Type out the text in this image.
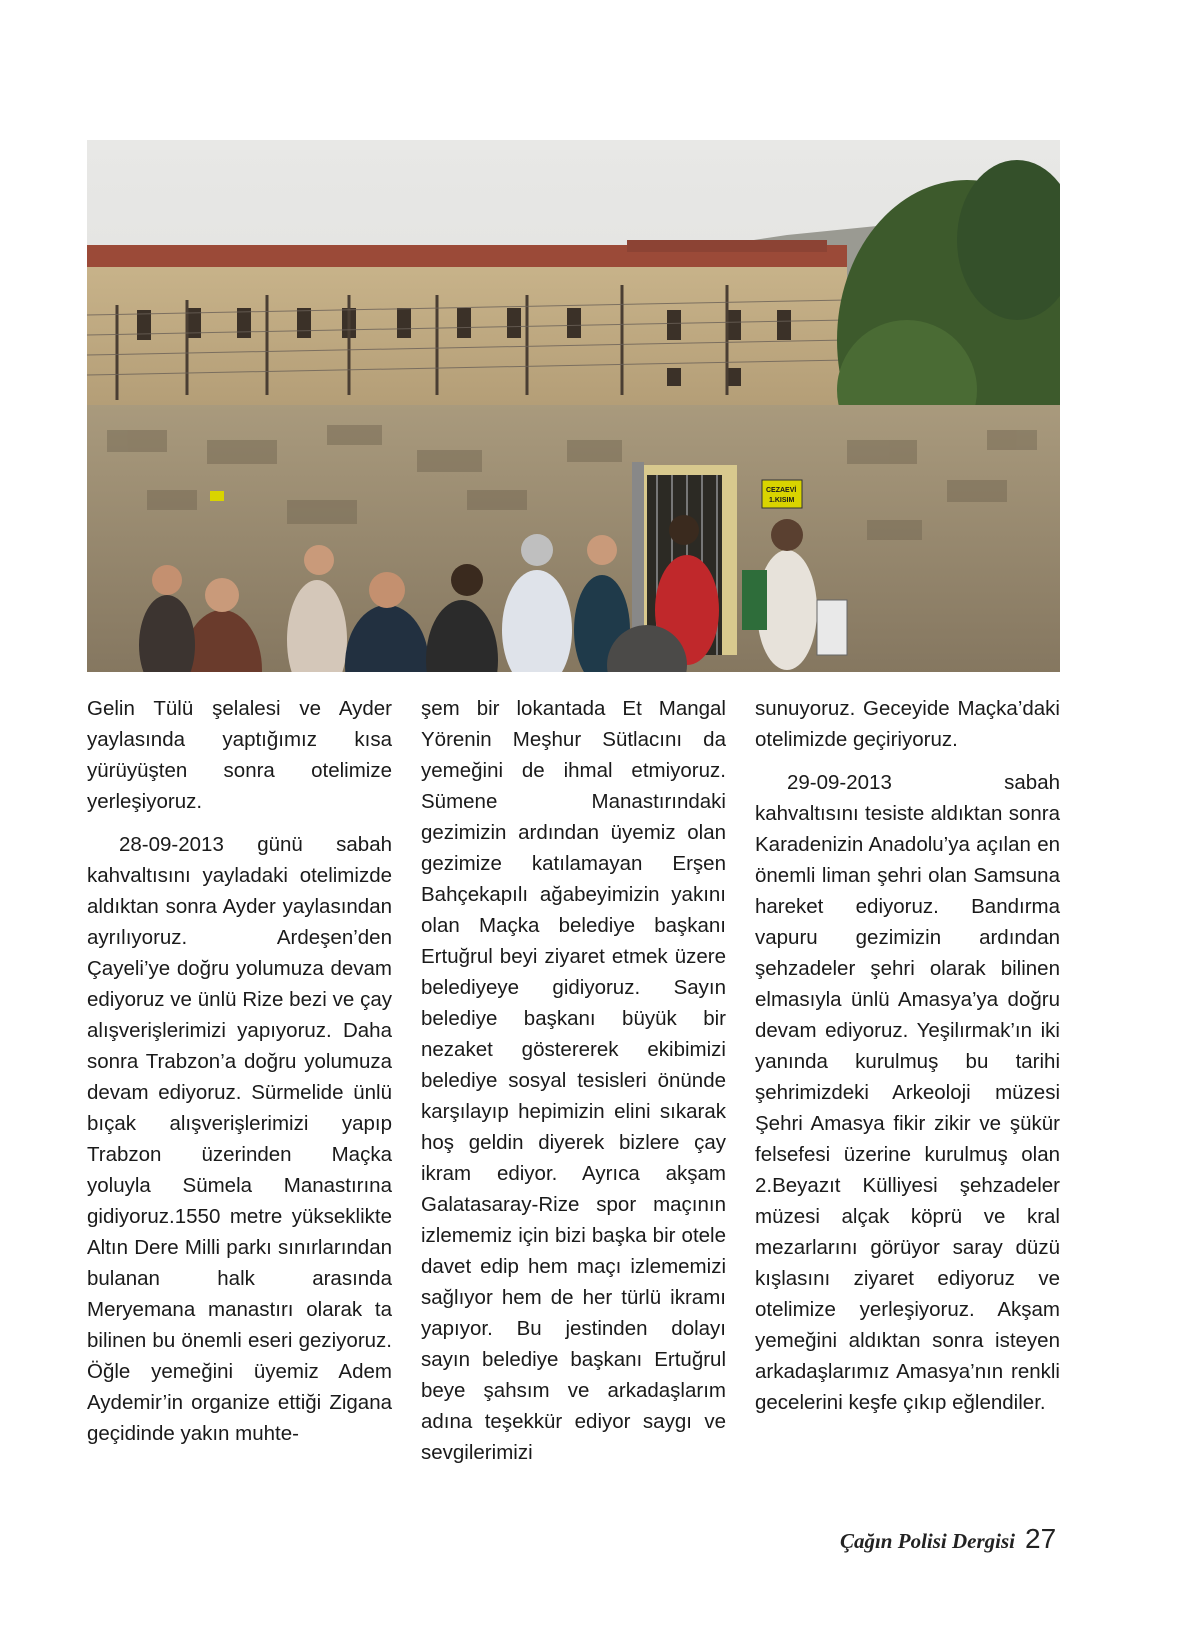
CEZAEVİ
1.KISIM

Gelin Tülü şelalesi ve Ayder yaylasında yaptığımız kısa yürüyüşten sonra otelimize yerleşiyoruz.

28-09-2013 günü sabah kahvaltısını yayladaki otelimizde aldıktan sonra Ayder yaylasından ayrılıyoruz. Ardeşen’den Çayeli’ye doğru yolumuza devam ediyoruz ve ünlü Rize bezi ve çay alışverişlerimizi yapıyoruz. Daha sonra Trabzon’a doğru yolumuza devam ediyoruz. Sürmelide ünlü bıçak alışverişlerimizi yapıp Trabzon üzerinden Maçka yoluyla Sümela Manastırına gidiyoruz.1550 metre yükseklikte Altın Dere Milli parkı sınırlarından bulanan halk arasında Meryemana manastırı olarak ta bilinen bu önemli eseri geziyoruz. Öğle yemeğini üyemiz Adem Aydemir’in organize ettiği Zigana geçidinde yakın muhte-

şem bir lokantada Et Mangal Yörenin Meşhur Sütlacını da yemeğini de ihmal etmiyoruz. Sümene Manastırındaki gezimizin ardından üyemiz olan gezimize katılamayan Erşen Bahçekapılı ağabeyimizin yakını olan Maçka belediye başkanı Ertuğrul beyi ziyaret etmek üzere belediyeye gidiyoruz. Sayın belediye başkanı büyük bir nezaket göstererek ekibimizi belediye sosyal tesisleri önünde karşılayıp hepimizin elini sıkarak hoş geldin diyerek bizlere çay ikram ediyor. Ayrıca akşam Galatasaray-Rize spor maçının izlememiz için bizi başka bir otele davet edip hem maçı izlememizi sağlıyor hem de her türlü ikramı yapıyor. Bu jestinden dolayı sayın belediye başkanı Ertuğrul beye şahsım ve arkadaşlarım adına teşekkür ediyor saygı ve sevgilerimizi

sunuyoruz. Geceyide Maçka’daki otelimizde geçiriyoruz.

29-09-2013 sabah kahvaltısını tesiste aldıktan sonra Karadenizin Anadolu’ya açılan en önemli liman şehri olan Samsuna hareket ediyoruz. Bandırma vapuru gezimizin ardından şehzadeler şehri olarak bilinen elmasıyla ünlü Amasya’ya doğru devam ediyoruz. Yeşilırmak’ın iki yanında kurulmuş bu tarihi şehrimizdeki Arkeoloji müzesi Şehri Amasya fikir zikir ve şükür felsefesi üzerine kurulmuş olan 2.Beyazıt Külliyesi şehzadeler müzesi alçak köprü ve kral mezarlarını görüyor saray düzü kışlasını ziyaret ediyoruz ve otelimize yerleşiyoruz. Akşam yemeğini aldıktan sonra isteyen arkadaşlarımız Amasya’nın renkli gecelerini keşfe çıkıp eğlendiler.

Çağın Polisi Dergisi 27
